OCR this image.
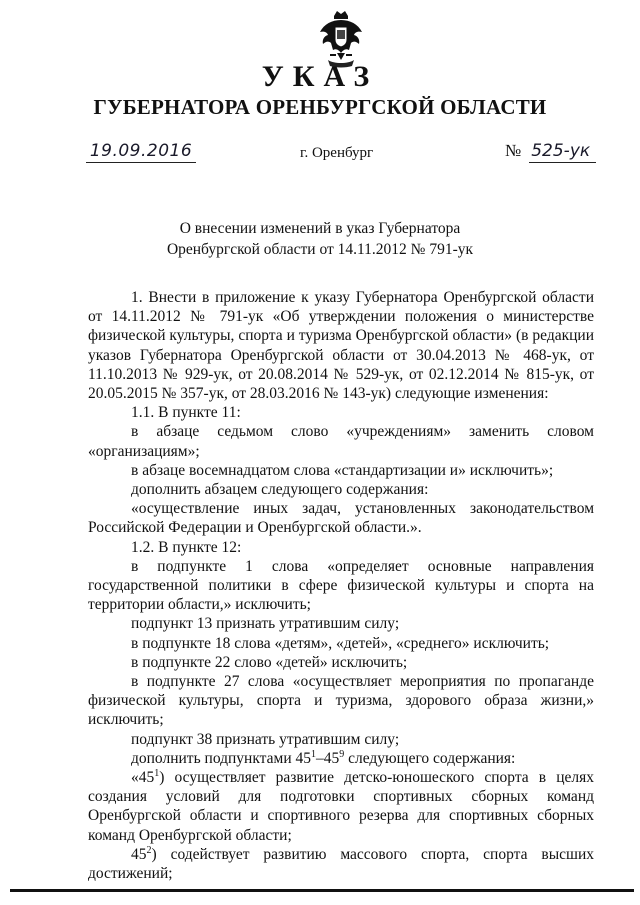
УКАЗ
ГУБЕРНАТОРА ОРЕНБУРГСКОЙ ОБЛАСТИ
19.09.2016	г. Оренбург	№ 525-ук
О внесении изменений в указ Губернатора
Оренбургской области от 14.11.2012 № 791-ук

1. Внести в приложение к указу Губернатора Оренбургской области от 14.11.2012 № 791-ук «Об утверждении положения о министерстве физической культуры, спорта и туризма Оренбургской области» (в редакции указов Губернатора Оренбургской области от 30.04.2013 № 468-ук, от 11.10.2013 № 929-ук, от 20.08.2014 № 529-ук, от 02.12.2014 № 815-ук, от 20.05.2015 № 357-ук, от 28.03.2016 № 143-ук) следующие изменения:

1.1. В пункте 11:

в абзаце седьмом слово «учреждениям» заменить словом «организациям»;

в абзаце восемнадцатом слова «стандартизации и» исключить»;

дополнить абзацем следующего содержания:

«осуществление иных задач, установленных законодательством Российской Федерации и Оренбургской области.».

1.2. В пункте 12:

в подпункте 1 слова «определяет основные направления государственной политики в сфере физической культуры и спорта на территории области,» исключить;

подпункт 13 признать утратившим силу;

в подпункте 18 слова «детям», «детей», «среднего» исключить;

в подпункте 22 слово «детей» исключить;

в подпункте 27 слова «осуществляет мероприятия по пропаганде физической культуры, спорта и туризма, здорового образа жизни,» исключить;

подпункт 38 признать утратившим силу;

дополнить подпунктами $45^1-45^9$ следующего содержания:

«$45^1$) осуществляет развитие детско-юношеского спорта в целях создания условий для подготовки спортивных сборных команд Оренбургской области и спортивного резерва для спортивных сборных команд Оренбургской области;

$45^2$) содействует развитию массового спорта, спорта высших достижений;
